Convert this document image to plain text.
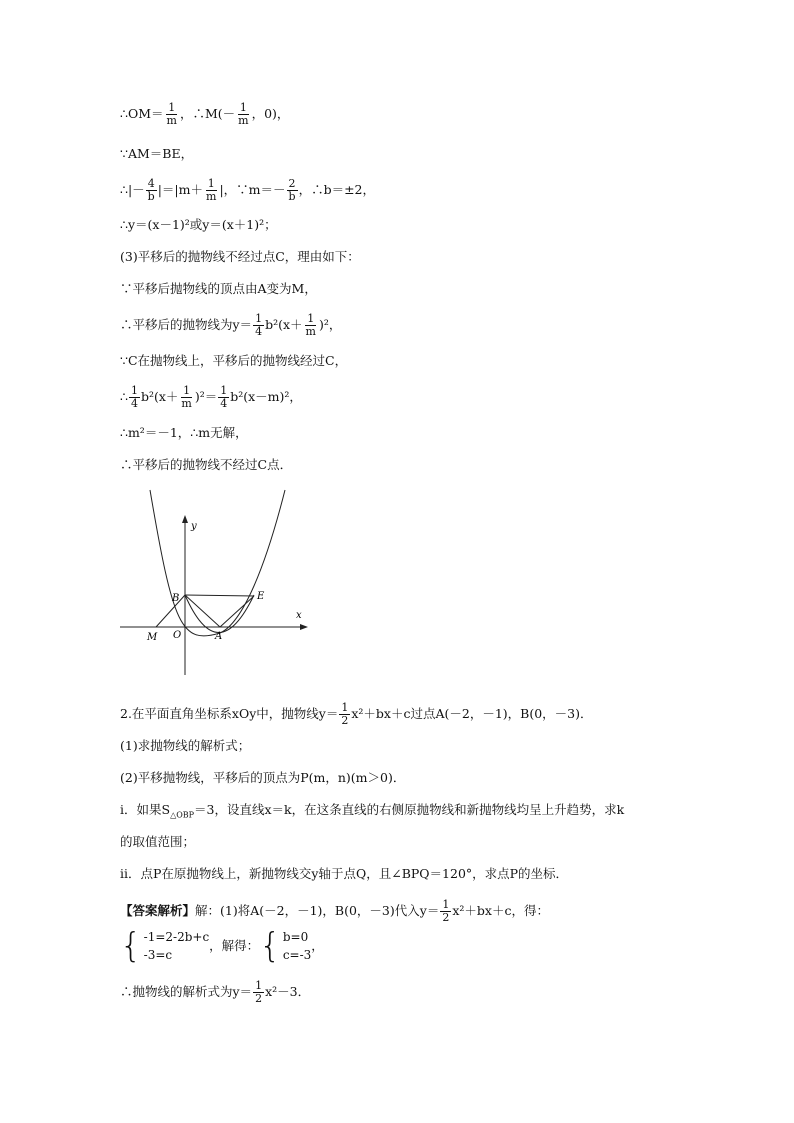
∴OM＝ $\frac{1}{m}$ ，∴M(－ $\frac{1}{m}$ ，0)，
∵AM＝BE，
∴|－ $\frac{4}{b} |=|m+ \frac{1}{m}$ |，∵m＝－ $\frac{2}{b}$ ，∴b＝±2，
∴y＝(x－1)²或y＝(x＋1)²；
(3)平移后的抛物线不经过点C，理由如下：
∵平移后抛物线的顶点由A变为M，
∴平移后的抛物线为$y= \frac{1}{4} b^2(x+ \frac{1}{m} )^2$，
∵C在抛物线上，平移后的抛物线经过C，
∴ $\frac{1}{4} b^2(x+ \frac{1}{m} )^2= \frac{1}{4} b^2(x-m)^2$，
∴m²＝－1，∴m无解，
∴平移后的抛物线不经过C点．
x
y
B	E
M O	A
2.在平面直角坐标系xOy中，抛物线$y= \frac{1}{2} x^2+bx+c$过点A(－2，－1)，B(0，－3)．
(1)求抛物线的解析式；
(2)平移抛物线，平移后的顶点为P(m，n)(m＞0)．
ⅰ．如果$S_{\triangle OBP}=3$，设直线x＝k，在这条直线的右侧原抛物线和新抛物线均呈上升趋势，求k
的取值范围；
ⅱ．点P在原抛物线上，新抛物线交y轴于点Q，且∠BPQ＝120°，求点P的坐标．
【答案解析】解：(1)将A(－2，－1)，B(0，－3)代入$y= \frac{1}{2} x^2+bx+c$，得：
{ -1=2-2b+c
-3=c
，解得： { b=0
c=-3
，
∴抛物线的解析式为$y= \frac{1}{2} x^2-3$．
